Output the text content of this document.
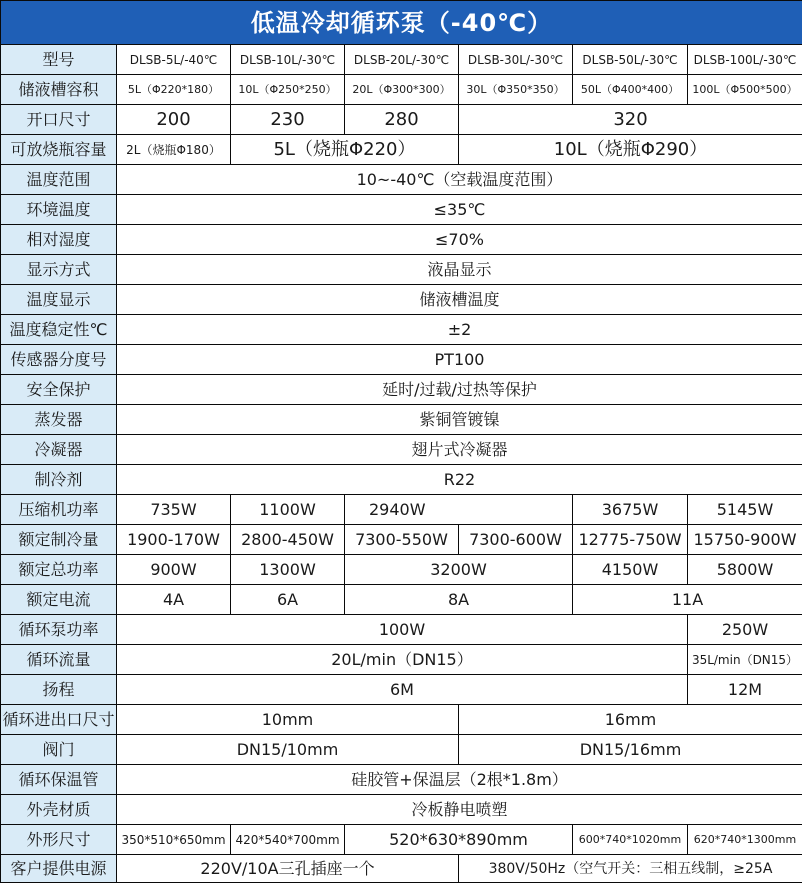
低温冷却循环泵（-40℃）						
型号	DLSB-5L/-40℃	DLSB-10L/-30℃	DLSB-20L/-30℃	DLSB-30L/-30℃	DLSB-50L/-30℃	DLSB-100L/-30℃
储液槽容积	5L（Φ220*180）	10L（Φ250*250）	20L（Φ300*300）	30L（Φ350*350）	50L（Φ400*400）	100L（Φ500*500）
开口尺寸	200	230	280	320		
可放烧瓶容量	2L（烧瓶Φ180）	5L（烧瓶Φ220）		10L（烧瓶Φ290）		
温度范围	10~-40℃（空载温度范围）					
环境温度	≤35℃					
相对湿度	≤70%					
显示方式	液晶显示					
温度显示	储液槽温度					
温度稳定性℃	±2					
传感器分度号	PT100					
安全保护	延时/过载/过热等保护					
蒸发器	紫铜管镀镍					
冷凝器	翅片式冷凝器					
制冷剂	R22					
压缩机功率	735W	1100W	2940W		3675W	5145W
额定制冷量	1900-170W	2800-450W	7300-550W	7300-600W	12775-750W	15750-900W
额定总功率	900W	1300W	3200W		4150W	5800W
额定电流	4A	6A	8A		11A	
循环泵功率	100W					250W
循环流量	20L/min（DN15）					35L/min（DN15）
扬程	6M					12M
循环进出口尺寸	10mm			16mm		
阀门	DN15/10mm			DN15/16mm		
循环保温管	硅胶管+保温层（2根*1.8m）					
外壳材质	冷板静电喷塑					
外形尺寸	350*510*650mm	420*540*700mm	520*630*890mm		600*740*1020mm	620*740*1300mm
客户提供电源	220V/10A三孔插座一个			380V/50Hz（空气开关：三相五线制，≥25A		
